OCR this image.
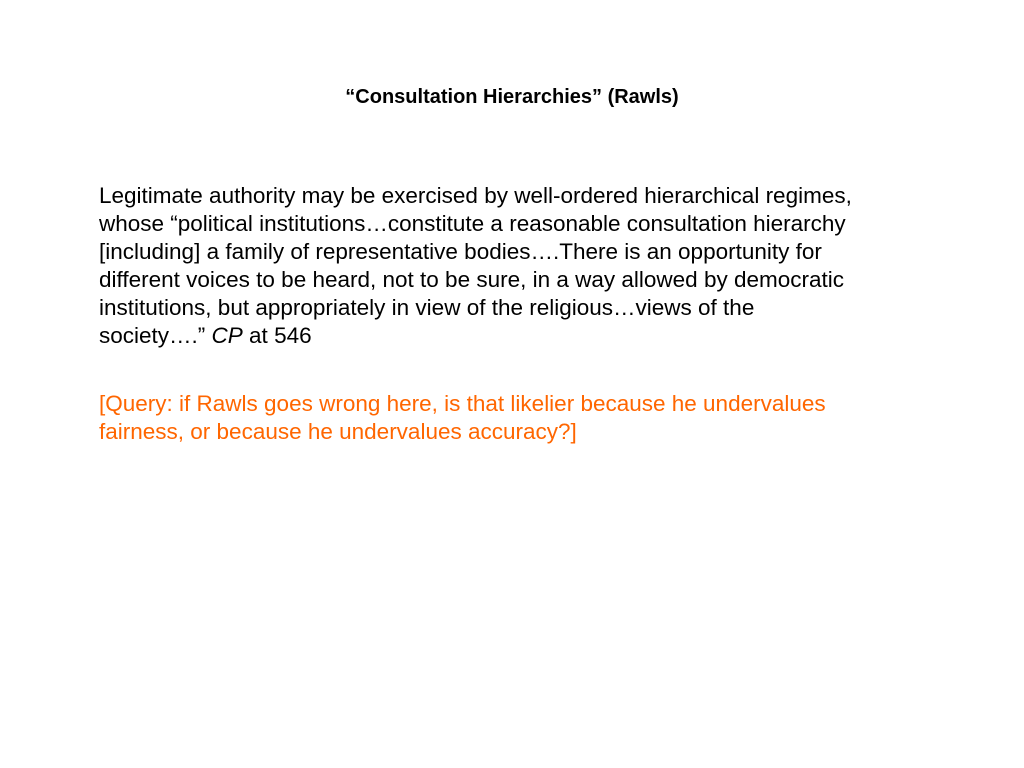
“Consultation Hierarchies” (Rawls)

Legitimate authority may be exercised by well-ordered hierarchical regimes,
whose “political institutions…constitute a reasonable consultation hierarchy
[including] a family of representative bodies….There is an opportunity for
different voices to be heard, not to be sure, in a way allowed by democratic
institutions, but appropriately in view of the religious…views of the
society….” CP at 546

[Query: if Rawls goes wrong here, is that likelier because he undervalues
fairness, or because he undervalues accuracy?]
